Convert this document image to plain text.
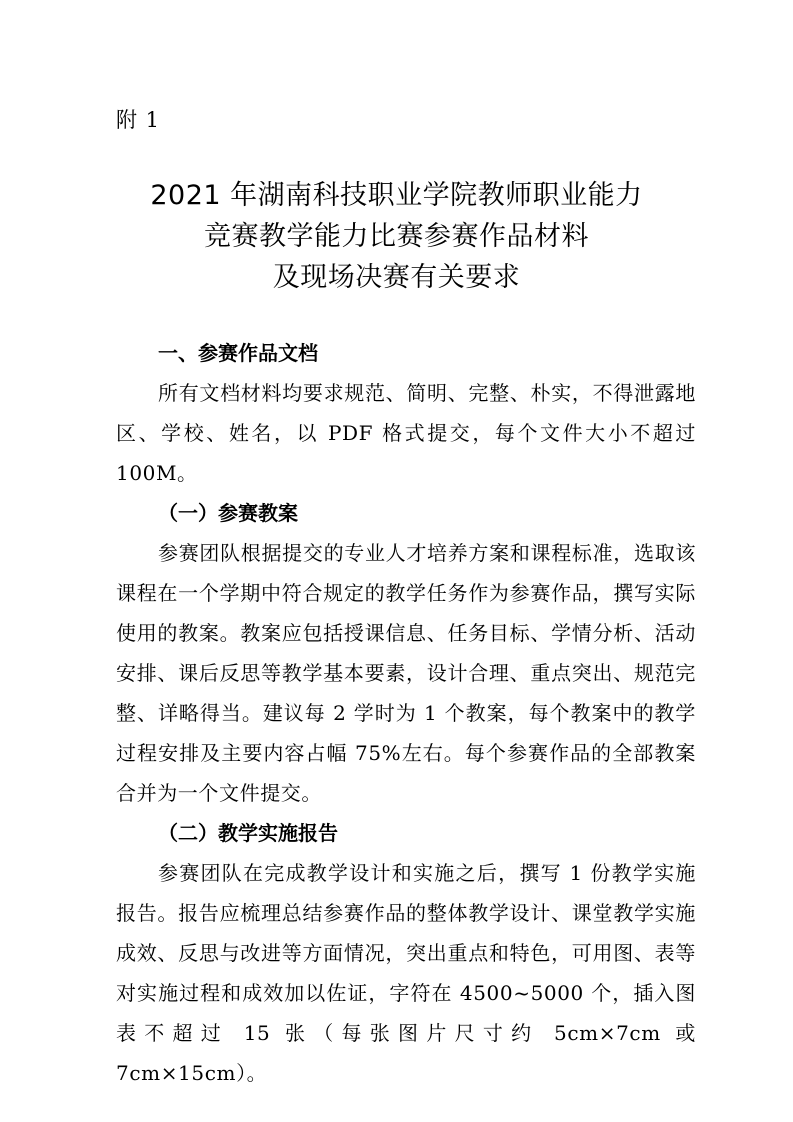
附 1
2021 年湖南科技职业学院教师职业能力
竞赛教学能力比赛参赛作品材料
及现场决赛有关要求

一、参赛作品文档

所有文档材料均要求规范、简明、完整、朴实，不得泄露地区、学校、姓名，以 PDF 格式提交，每个文件大小不超过 100M。

（一）参赛教案

参赛团队根据提交的专业人才培养方案和课程标准，选取该课程在一个学期中符合规定的教学任务作为参赛作品，撰写实际使用的教案。教案应包括授课信息、任务目标、学情分析、活动安排、课后反思等教学基本要素，设计合理、重点突出、规范完整、详略得当。建议每 2 学时为 1 个教案，每个教案中的教学过程安排及主要内容占幅 75%左右。每个参赛作品的全部教案合并为一个文件提交。

（二）教学实施报告

参赛团队在完成教学设计和实施之后，撰写 1 份教学实施报告。报告应梳理总结参赛作品的整体教学设计、课堂教学实施成效、反思与改进等方面情况，突出重点和特色，可用图、表等对实施过程和成效加以佐证，字符在 4500~5000 个，插入图表不超过 15 张（每张图片尺寸约 5cm×7cm 或 7cm×15cm）。
